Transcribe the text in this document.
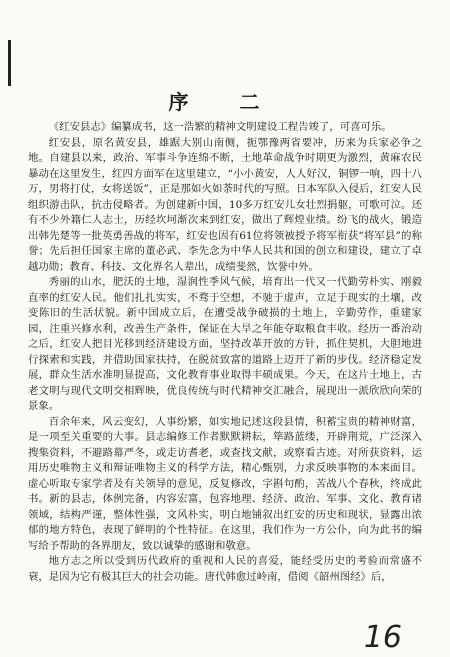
序 二

《红安县志》编纂成书，这一浩繁的精神文明建设工程告竣了，可喜可乐。

红安县，原名黄安县，雄踞大别山南侧，扼鄂豫两省要冲，历来为兵家必争之地。自建县以来，政治、军事斗争连绵不断，土地革命战争时期更为激烈，黄麻农民暴动在这里发生，红四方面军在这里建立，“小小黄安，人人好汉，铜锣一响，四十八万，男将打仗，女将送饭”，正是那如火如荼时代的写照。日本军队入侵后，红安人民组织游击队，抗击侵略者。为创建新中国，10多万红安儿女壮烈捐躯，可歌可泣。还有不少外籍仁人志士，历经坎坷渐次来到红安，做出了辉煌业绩。纷飞的战火，锻造出韩先楚等一批英勇善战的将军，红安也因有61位将领被授予将军衔获“将军县”的称誉；先后担任国家主席的董必武、李先念为中华人民共和国的创立和建设，建立了卓越功勋；教育、科技、文化界名人辈出，成绩斐然，饮誉中外。

秀丽的山水，肥沃的土地，湿润性季风气候，培育出一代又一代勤劳朴实、刚毅直率的红安人民。他们扎扎实实，不骛于空想，不驰于虚声，立足于现实的土壤，改变陈旧的生活状貌。新中国成立后，在遭受战争破损的土地上，辛勤劳作，重建家园，注重兴修水利，改善生产条件，保证在大旱之年能夺取粮食丰收。经历一番治动之后，红安人把目光移到经济建设方面，坚持改革开放的方针，抓住契机，大胆地进行探索和实践，并借助国家扶持，在脱贫致富的道路上迈开了新的步伐。经济稳定发展，群众生活水准明显提高，文化教育事业取得丰硕成果。今天，在这片土地上，古老文明与现代文明交相辉映，优良传统与时代精神交汇融合，展现出一派欣欣向荣的景象。

百余年来，风云变幻，人事纷繁，如实地记述这段县情，积蓄宝贵的精神财富，是一项至关重要的大事。县志编修工作者默默耕耘，筚路蓝缕，开辟荆荒，广泛深入搜集资料，不避路幕严冬，或走访耆老，或查找文献，或察看古迹。对所获资料，运用历史唯物主义和辩证唯物主义的科学方法，精心甄别，力求反映事物的本来面目。虚心听取专家学者及有关领导的意见，反复修改，字斟句酌，苦战八个春秋，终成此书。新的县志，体例完备，内容宏富，包容地理、经济、政治、军事、文化、教育诸领域，结构严谨，整体性强，文风朴实，明白地铺叙出红安的历史和现状，显露出浓郁的地方特色，表现了鲜明的个性特征。在这里，我们作为一方公仆，向为此书的编写给予帮助的各界朋友，致以诚挚的感谢和敬意。

地方志之所以受到历代政府的重视和人民的喜爱，能经受历史的考验而常盛不衰，是因为它有极其巨大的社会功能。唐代韩愈过岭南，借阅《韶州图经》后，

16
